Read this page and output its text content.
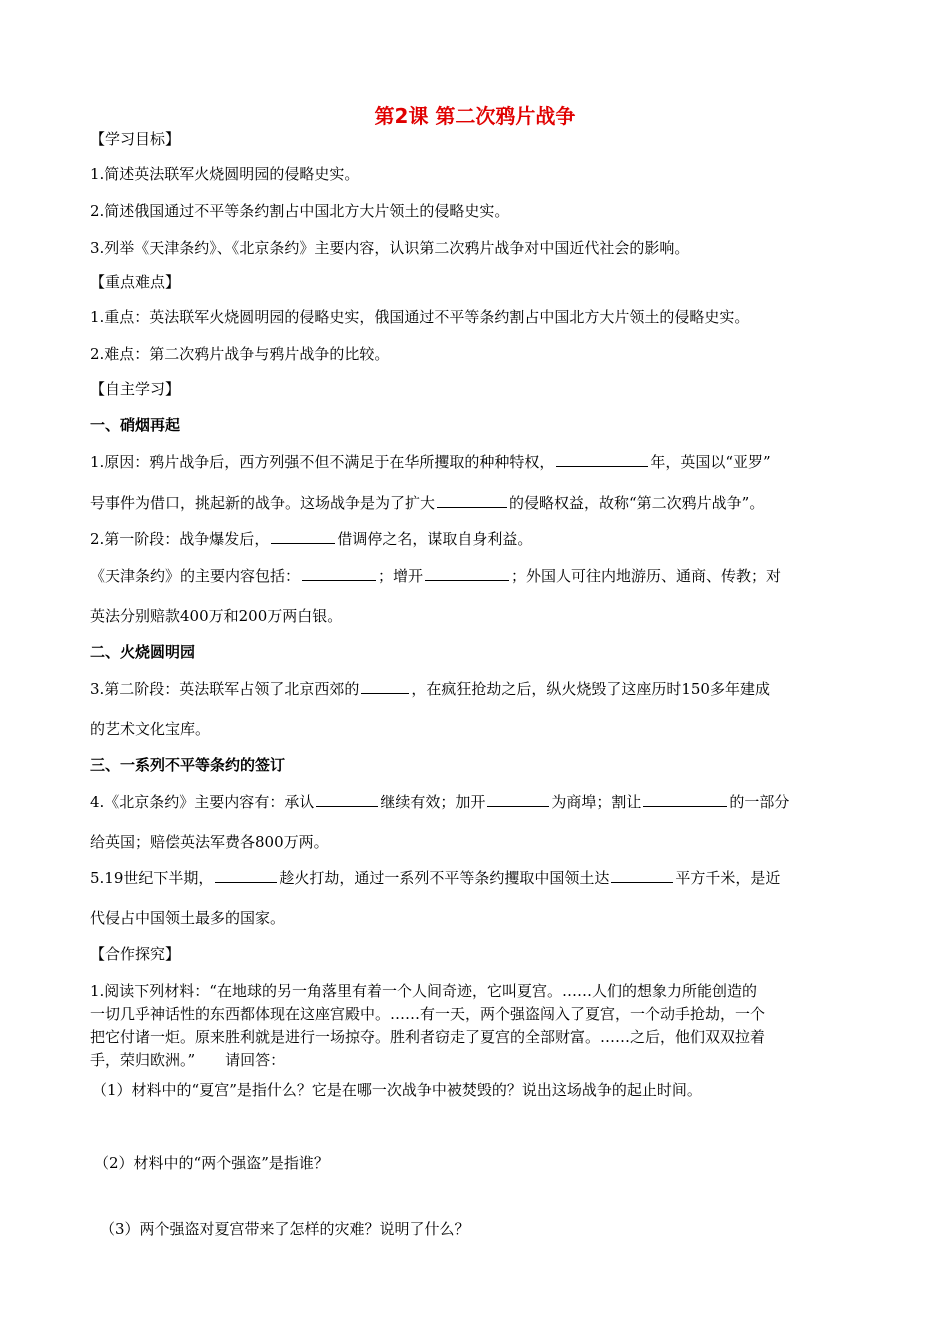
第2课 第二次鸦片战争
【学习目标】
1.简述英法联军火烧圆明园的侵略史实。
2.简述俄国通过不平等条约割占中国北方大片领土的侵略史实。
3.列举《天津条约》、《北京条约》主要内容，认识第二次鸦片战争对中国近代社会的影响。
【重点难点】
1.重点：英法联军火烧圆明园的侵略史实，俄国通过不平等条约割占中国北方大片领土的侵略史实。
2.难点：第二次鸦片战争与鸦片战争的比较。
【自主学习】
一、硝烟再起
1.原因：鸦片战争后，西方列强不但不满足于在华所攫取的种种特权，	年，英国以“亚罗”
号事件为借口，挑起新的战争。这场战争是为了扩大	的侵略权益，故称“第二次鸦片战争”。
2.第一阶段：战争爆发后，	借调停之名，谋取自身利益。
《天津条约》的主要内容包括：	；增开	；外国人可往内地游历、通商、传教；对
英法分别赔款400万和200万两白银。
二、火烧圆明园
3.第二阶段：英法联军占领了北京西郊的	，在疯狂抢劫之后，纵火烧毁了这座历时150多年建成
的艺术文化宝库。
三、一系列不平等条约的签订
4.《北京条约》主要内容有：承认	继续有效；加开	为商埠；割让	的一部分
给英国；赔偿英法军费各800万两。
5.19世纪下半期，	趁火打劫，通过一系列不平等条约攫取中国领土达	平方千米，是近
代侵占中国领土最多的国家。
【合作探究】
1.阅读下列材料：“在地球的另一角落里有着一个人间奇迹，它叫夏宫。……人们的想象力所能创造的
一切几乎神话性的东西都体现在这座宫殿中。……有一天，两个强盗闯入了夏宫，一个动手抢劫，一个
把它付诸一炬。原来胜利就是进行一场掠夺。胜利者窃走了夏宫的全部财富。……之后，他们双双拉着
手，荣归欧洲。”　　请回答：
（1）材料中的“夏宫”是指什么？它是在哪一次战争中被焚毁的？说出这场战争的起止时间。
（2）材料中的“两个强盗”是指谁？
（3）两个强盗对夏宫带来了怎样的灾难？说明了什么？
